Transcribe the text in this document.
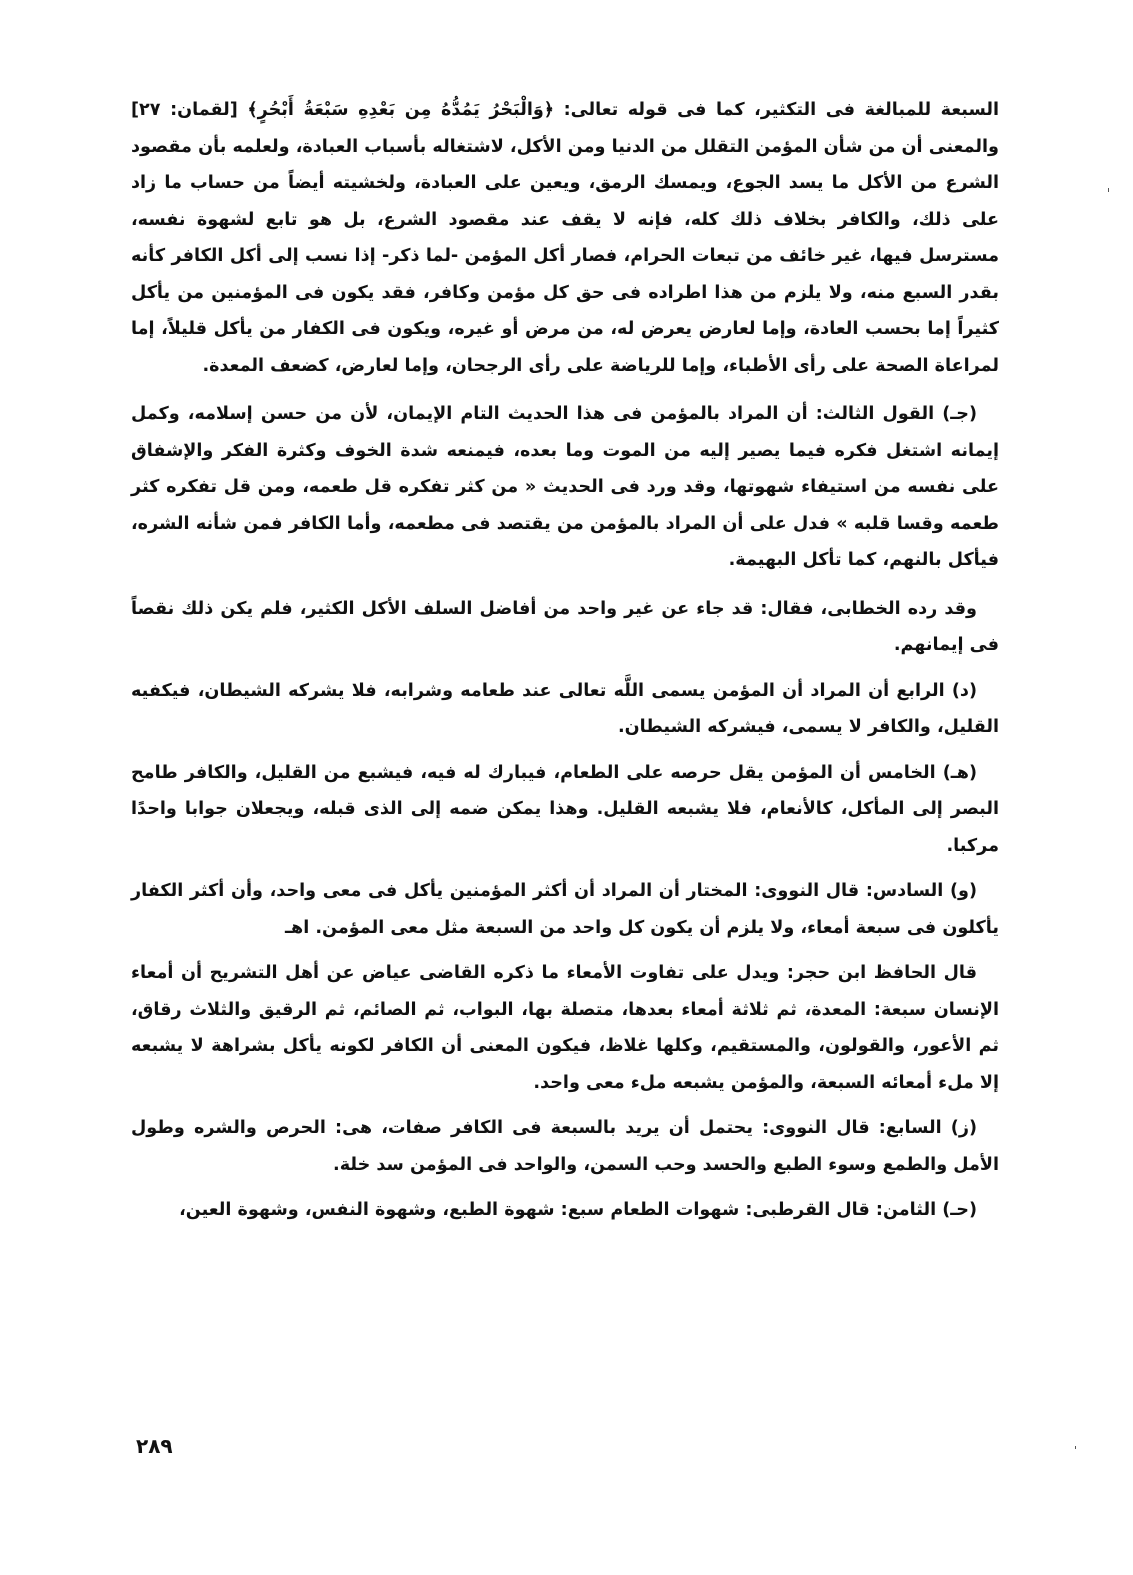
السبعة للمبالغة فى التكثير، كما فى قوله تعالى: ﴿وَالْبَحْرُ يَمُدُّهُ مِن بَعْدِهِ سَبْعَةُ أَبْحُرٍ﴾ [لقمان: ٢٧] والمعنى أن من شأن المؤمن التقلل من الدنيا ومن الأكل، لاشتغاله بأسباب العبادة، ولعلمه بأن مقصود الشرع من الأكل ما يسد الجوع، ويمسك الرمق، ويعين على العبادة، ولخشيته أيضاً من حساب ما زاد على ذلك، والكافر بخلاف ذلك كله، فإنه لا يقف عند مقصود الشرع، بل هو تابع لشهوة نفسه، مسترسل فيها، غير خائف من تبعات الحرام، فصار أكل المؤمن -لما ذكر- إذا نسب إلى أكل الكافر كأنه بقدر السبع منه، ولا يلزم من هذا اطراده فى حق كل مؤمن وكافر، فقد يكون فى المؤمنين من يأكل كثيراً إما بحسب العادة، وإما لعارض يعرض له، من مرض أو غيره، ويكون فى الكفار من يأكل قليلاً، إما لمراعاة الصحة على رأى الأطباء، وإما للرياضة على رأى الرجحان، وإما لعارض، كضعف المعدة.

(جـ) القول الثالث: أن المراد بالمؤمن فى هذا الحديث التام الإيمان، لأن من حسن إسلامه، وكمل إيمانه اشتغل فكره فيما يصير إليه من الموت وما بعده، فيمنعه شدة الخوف وكثرة الفكر والإشفاق على نفسه من استيفاء شهوتها، وقد ورد فى الحديث « من كثر تفكره قل طعمه، ومن قل تفكره كثر طعمه وقسا قلبه » فدل على أن المراد بالمؤمن من يقتصد فى مطعمه، وأما الكافر فمن شأنه الشره، فيأكل بالنهم، كما تأكل البهيمة.

وقد رده الخطابى، فقال: قد جاء عن غير واحد من أفاضل السلف الأكل الكثير، فلم يكن ذلك نقصاً فى إيمانهم.

(د) الرابع أن المراد أن المؤمن يسمى اللَّه تعالى عند طعامه وشرابه، فلا يشركه الشيطان، فيكفيه القليل، والكافر لا يسمى، فيشركه الشيطان.

(هـ) الخامس أن المؤمن يقل حرصه على الطعام، فيبارك له فيه، فيشبع من القليل، والكافر طامح البصر إلى المأكل، كالأنعام، فلا يشبعه القليل. وهذا يمكن ضمه إلى الذى قبله، ويجعلان جوابا واحدًا مركبا.

(و) السادس: قال النووى: المختار أن المراد أن أكثر المؤمنين يأكل فى معى واحد، وأن أكثر الكفار يأكلون فى سبعة أمعاء، ولا يلزم أن يكون كل واحد من السبعة مثل معى المؤمن. اهـ

قال الحافظ ابن حجر: ويدل على تفاوت الأمعاء ما ذكره القاضى عياض عن أهل التشريح أن أمعاء الإنسان سبعة: المعدة، ثم ثلاثة أمعاء بعدها، متصلة بها، البواب، ثم الصائم، ثم الرقيق والثلاث رقاق، ثم الأعور، والقولون، والمستقيم، وكلها غلاظ، فيكون المعنى أن الكافر لكونه يأكل بشراهة لا يشبعه إلا ملء أمعائه السبعة، والمؤمن يشبعه ملء معى واحد.

(ز) السابع: قال النووى: يحتمل أن يريد بالسبعة فى الكافر صفات، هى: الحرص والشره وطول الأمل والطمع وسوء الطبع والحسد وحب السمن، والواحد فى المؤمن سد خلة.

(حـ) الثامن: قال القرطبى: شهوات الطعام سبع: شهوة الطبع، وشهوة النفس، وشهوة العين،

٢٨٩
